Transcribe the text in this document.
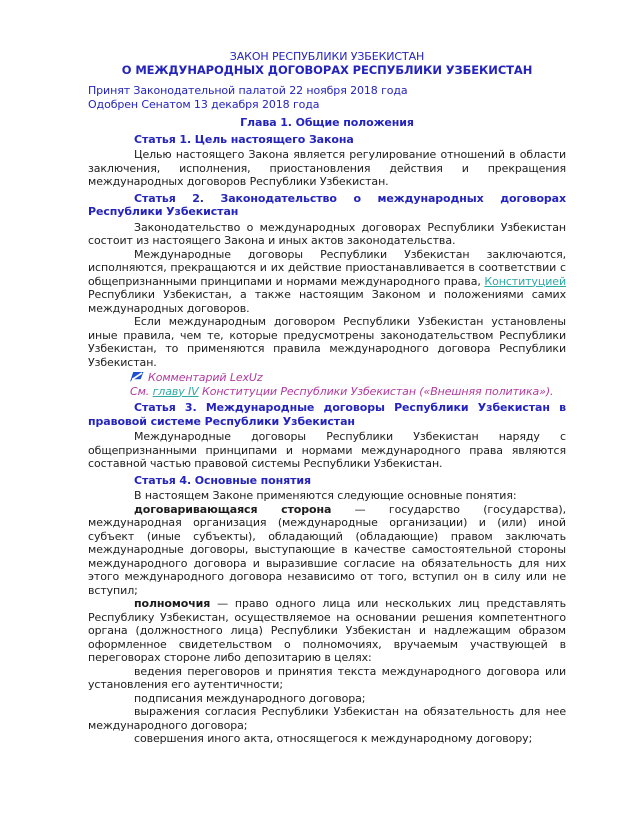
ЗАКОН РЕСПУБЛИКИ УЗБЕКИСТАН
О МЕЖДУНАРОДНЫХ ДОГОВОРАХ РЕСПУБЛИКИ УЗБЕКИСТАН
Принят Законодательной палатой 22 ноября 2018 года
Одобрен Сенатом 13 декабря 2018 года
Глава 1. Общие положения
Статья 1. Цель настоящего Закона

Целью настоящего Закона является регулирование отношений в области заключения, исполнения, приостановления действия и прекращения международных договоров Республики Узбекистан.

Статья 2. Законодательство о международных договорах Республики Узбекистан

Законодательство о международных договорах Республики Узбекистан состоит из настоящего Закона и иных актов законодательства.

Международные договоры Республики Узбекистан заключаются, исполняются, прекращаются и их действие приостанавливается в соответствии с общепризнанными принципами и нормами международного права, Конституцией Республики Узбекистан, а также настоящим Законом и положениями самих международных договоров.

Если международным договором Республики Узбекистан установлены иные правила, чем те, которые предусмотрены законодательством Республики Узбекистан, то применяются правила международного договора Республики Узбекистан.

Комментарий LexUz
См. главу IV Конституции Республики Узбекистан («Внешняя политика»).
Статья 3. Международные договоры Республики Узбекистан в правовой системе Республики Узбекистан

Международные договоры Республики Узбекистан наряду с общепризнанными принципами и нормами международного права являются составной частью правовой системы Республики Узбекистан.

Статья 4. Основные понятия

В настоящем Законе применяются следующие основные понятия:

договаривающаяся сторона — государство (государства), международная организация (международные организации) и (или) иной субъект (иные субъекты), обладающий (обладающие) правом заключать международные договоры, выступающие в качестве самостоятельной стороны международного договора и выразившие согласие на обязательность для них этого международного договора независимо от того, вступил он в силу или не вступил;

полномочия — право одного лица или нескольких лиц представлять Республику Узбекистан, осуществляемое на основании решения компетентного органа (должностного лица) Республики Узбекистан и надлежащим образом оформленное свидетельством о полномочиях, вручаемым участвующей в переговорах стороне либо депозитарию в целях:

ведения переговоров и принятия текста международного договора или установления его аутентичности;

подписания международного договора;

выражения согласия Республики Узбекистан на обязательность для нее международного договора;

совершения иного акта, относящегося к международному договору;
